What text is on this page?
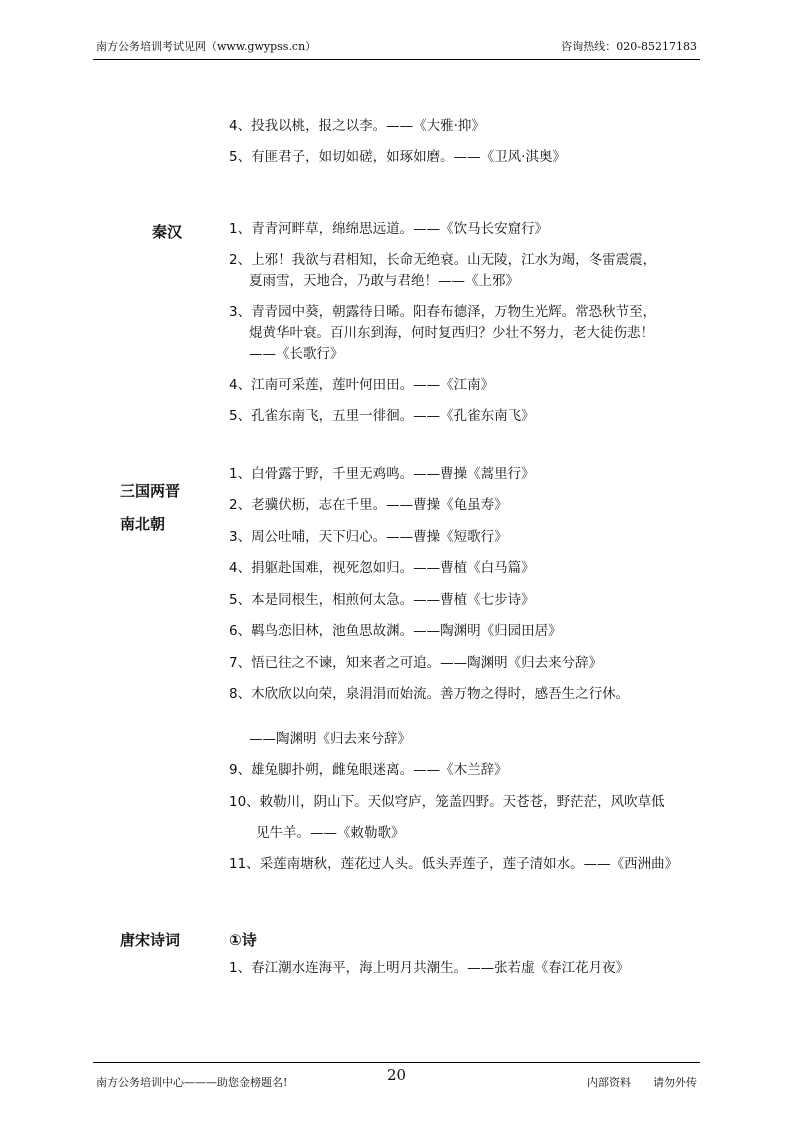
南方公务培训考试见网（www.gwypss.cn）	咨询热线：020-85217183
4、投我以桃，报之以李。——《大雅·抑》
5、有匪君子，如切如磋，如琢如磨。——《卫风·淇奥》
秦汉	1、青青河畔草，绵绵思远道。——《饮马长安窟行》
2、上邪！我欲与君相知，长命无绝衰。山无陵，江水为竭，冬雷震震，
夏雨雪，天地合，乃敢与君绝！——《上邪》
3、青青园中葵，朝露待日晞。阳春布德泽，万物生光辉。常恐秋节至，
焜黄华叶衰。百川东到海，何时复西归？少壮不努力，老大徒伤悲！
——《长歌行》
4、江南可采莲，莲叶何田田。——《江南》
5、孔雀东南飞，五里一徘徊。——《孔雀东南飞》
三国两晋
南北朝
1、白骨露于野，千里无鸡鸣。——曹操《蒿里行》
2、老骥伏枥，志在千里。——曹操《龟虽寿》
3、周公吐哺，天下归心。——曹操《短歌行》
4、捐躯赴国难，视死忽如归。——曹植《白马篇》
5、本是同根生，相煎何太急。——曹植《七步诗》
6、羁鸟恋旧林，池鱼思故渊。——陶渊明《归园田居》
7、悟已往之不谏，知来者之可追。——陶渊明《归去来兮辞》
8、木欣欣以向荣，泉涓涓而始流。善万物之得时，感吾生之行休。
——陶渊明《归去来兮辞》
9、雄兔脚扑朔，雌兔眼迷离。——《木兰辞》
10、敕勒川，阴山下。天似穹庐，笼盖四野。天苍苍，野茫茫，风吹草低
见牛羊。——《敕勒歌》
11、采莲南塘秋，莲花过人头。低头弄莲子，莲子清如水。——《西洲曲》
唐宋诗词	①诗
1、春江潮水连海平，海上明月共潮生。——张若虚《春江花月夜》
南方公务培训中心———助您金榜题名!	20	内部资料　　请勿外传
